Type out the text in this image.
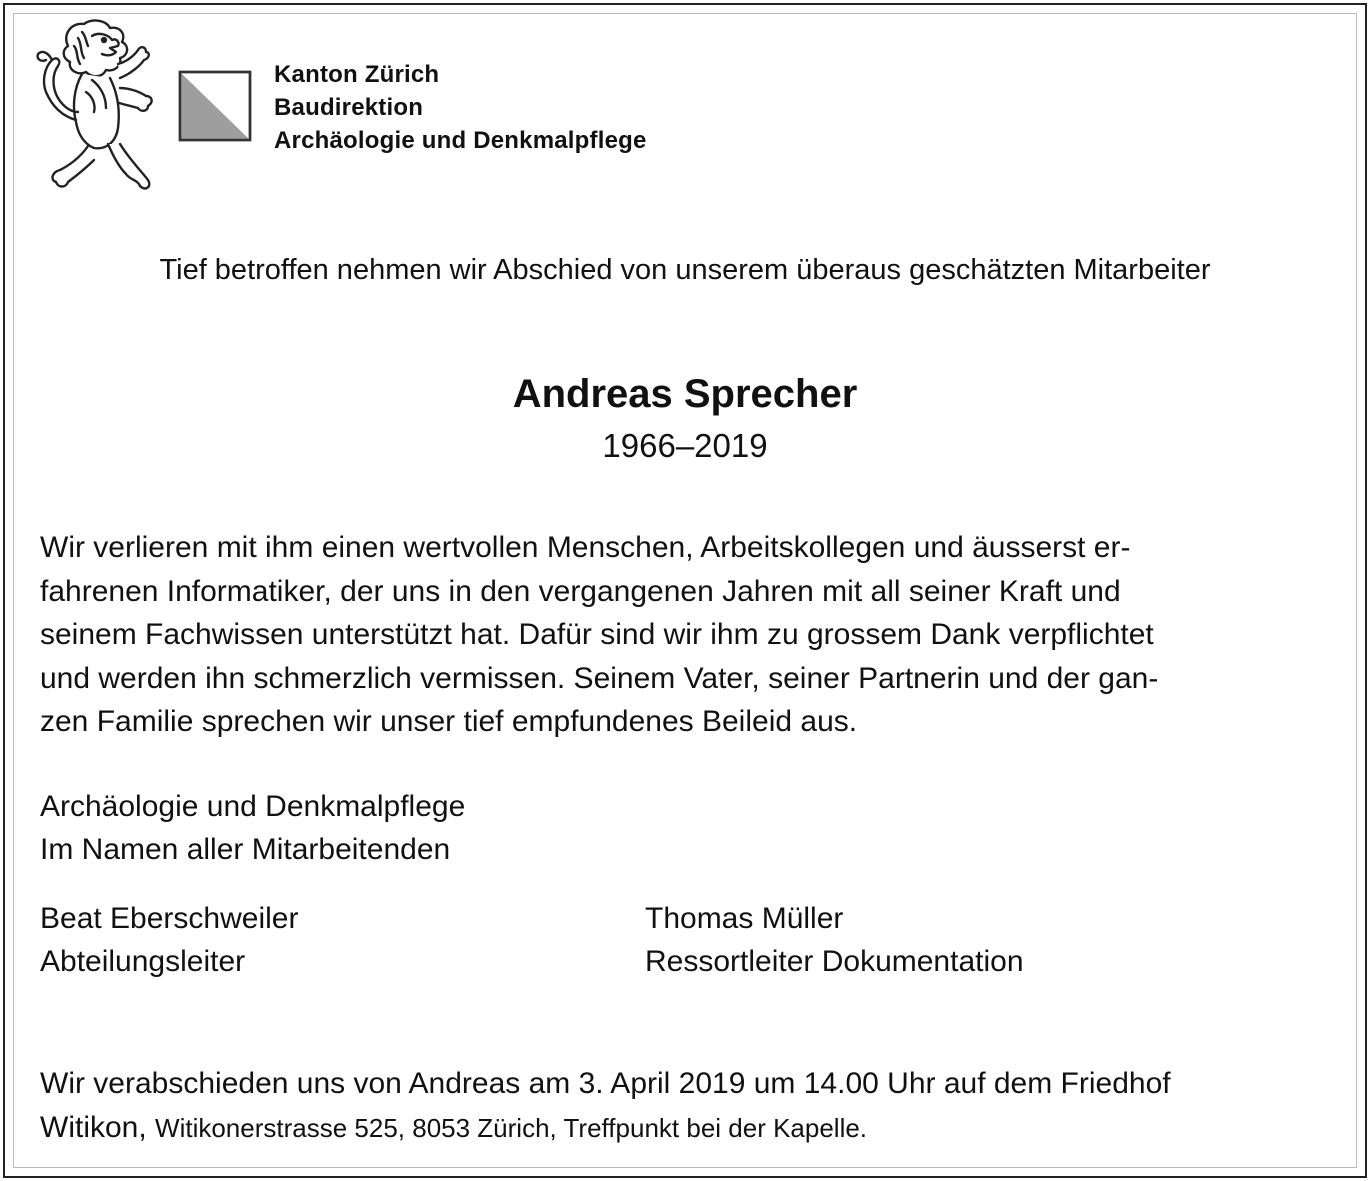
Kanton Zürich
Baudirektion
Archäologie und Denkmalpflege
Tief betroffen nehmen wir Abschied von unserem überaus geschätzten Mitarbeiter
Andreas Sprecher
1966–2019
Wir verlieren mit ihm einen wertvollen Menschen, Arbeitskollegen und äusserst er-
fahrenen Informatiker, der uns in den vergangenen Jahren mit all seiner Kraft und
seinem Fachwissen unterstützt hat. Dafür sind wir ihm zu grossem Dank verpflichtet
und werden ihn schmerzlich vermissen. Seinem Vater, seiner Partnerin und der gan-
zen Familie sprechen wir unser tief empfundenes Beileid aus.
Archäologie und Denkmalpflege
Im Namen aller Mitarbeitenden
Beat Eberschweiler
Abteilungsleiter
Thomas Müller
Ressortleiter Dokumentation
Wir verabschieden uns von Andreas am 3. April 2019 um 14.00 Uhr auf dem Friedhof
Witikon, Witikonerstrasse 525, 8053 Zürich, Treffpunkt bei der Kapelle.
